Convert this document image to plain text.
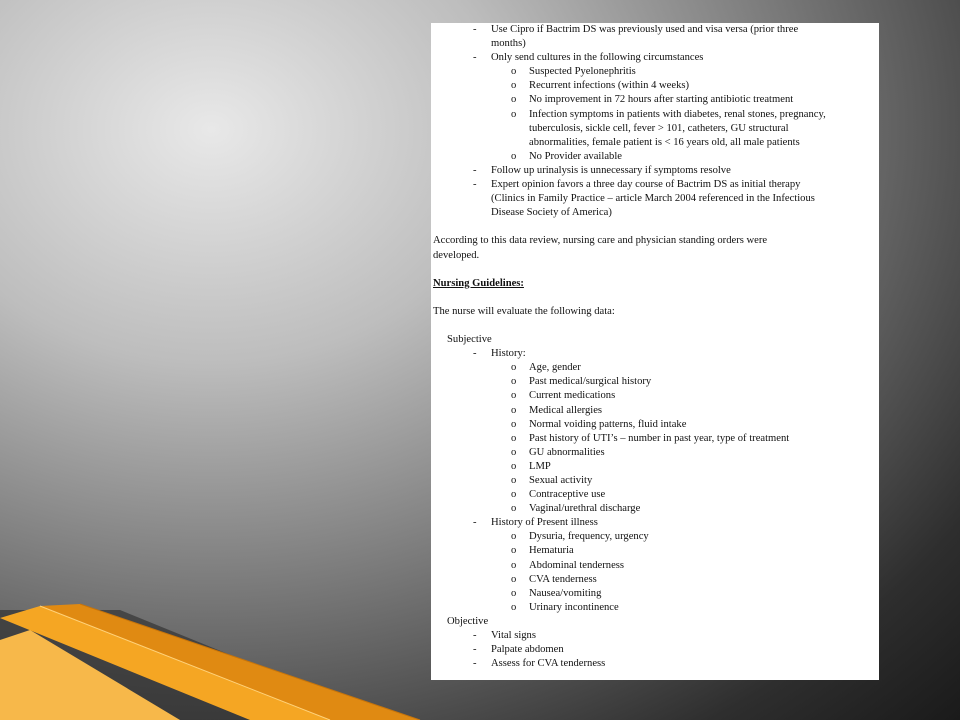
- Use Cipro if Bactrim DS was previously used and visa versa (prior three
months)
- Only send cultures in the following circumstances
o Suspected Pyelonephritis
o Recurrent infections (within 4 weeks)
o No improvement in 72 hours after starting antibiotic treatment
o Infection symptoms in patients with diabetes, renal stones, pregnancy,
tuberculosis, sickle cell, fever > 101, catheters, GU structural
abnormalities, female patient is < 16 years old, all male patients
o No Provider available
- Follow up urinalysis is unnecessary if symptoms resolve
- Expert opinion favors a three day course of Bactrim DS as initial therapy
(Clinics in Family Practice – article March 2004 referenced in the Infectious
Disease Society of America)
According to this data review, nursing care and physician standing orders were
developed.
Nursing Guidelines:
The nurse will evaluate the following data:
Subjective
- History:
o Age, gender
o Past medical/surgical history
o Current medications
o Medical allergies
o Normal voiding patterns, fluid intake
o Past history of UTI’s – number in past year, type of treatment
o GU abnormalities
o LMP
o Sexual activity
o Contraceptive use
o Vaginal/urethral discharge
- History of Present illness
o Dysuria, frequency, urgency
o Hematuria
o Abdominal tenderness
o CVA tenderness
o Nausea/vomiting
o Urinary incontinence
Objective
- Vital signs
- Palpate abdomen
- Assess for CVA tenderness
